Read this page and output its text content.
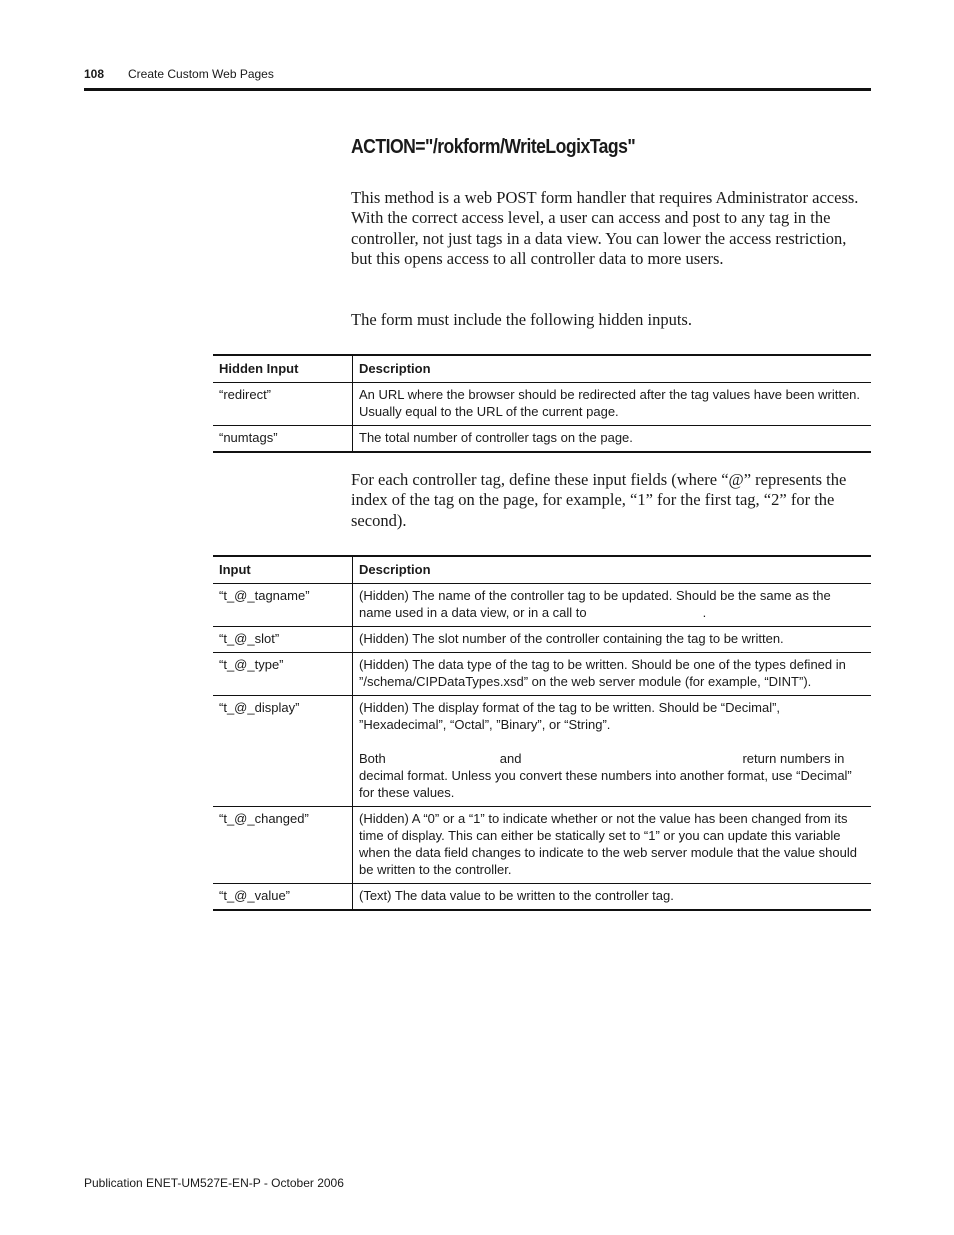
108 Create Custom Web Pages
ACTION="/rokform/WriteLogixTags"

This method is a web POST form handler that requires Administrator access. With the correct access level, a user can access and post to any tag in the controller, not just tags in a data view. You can lower the access restriction, but this opens access to all controller data to more users.

The form must include the following hidden inputs.

Hidden Input	Description
“redirect”	An URL where the browser should be redirected after the tag values have been written. Usually equal to the URL of the current page.
“numtags”	The total number of controller tags on the page.

For each controller tag, define these input fields (where “@” represents the index of the tag on the page, for example, “1” for the first tag, “2” for the second).

Input	Description
“t_@_tagname”	(Hidden) The name of the controller tag to be updated. Should be the same as the name used in a data view, or in a call to .
“t_@_slot”	(Hidden) The slot number of the controller containing the tag to be written.
“t_@_type”	(Hidden) The data type of the tag to be written. Should be one of the types defined in ”/schema/CIPDataTypes.xsd” on the web server module (for example, “DINT”).
“t_@_display”	(Hidden) The display format of the tag to be written. Should be “Decimal”, ”Hexadecimal”, “Octal”, ”Binary”, or “String”.
Both and return numbers in decimal format. Unless you convert these numbers into another format, use “Decimal” for these values.

“t_@_changed”	(Hidden) A “0” or a “1” to indicate whether or not the value has been changed from its time of display. This can either be statically set to “1” or you can update this variable when the data field changes to indicate to the web server module that the value should be written to the controller.
“t_@_value”	(Text) The data value to be written to the controller tag.
Publication ENET-UM527E-EN-P - October 2006
